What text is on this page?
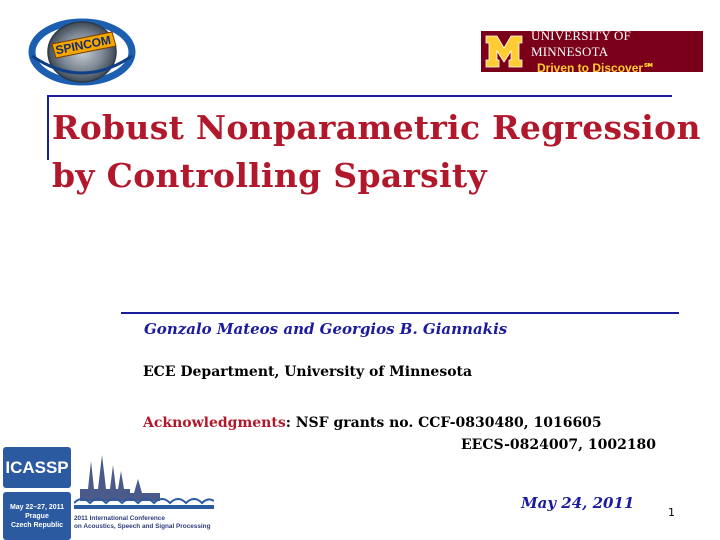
SPINCOM	UNIVERSITY OF MINNESOTA
Driven to Discover℠
Robust Nonparametric Regression
by Controlling Sparsity
Gonzalo Mateos and Georgios B. Giannakis
ECE Department, University of Minnesota
Acknowledgments: NSF grants no. CCF-0830480, 1016605
EECS-0824007, 1002180
May 24, 2011
1
ICASSP
May 22–27, 2011
Prague
Czech Republic
2011 International Conference
on Acoustics, Speech and Signal Processing
